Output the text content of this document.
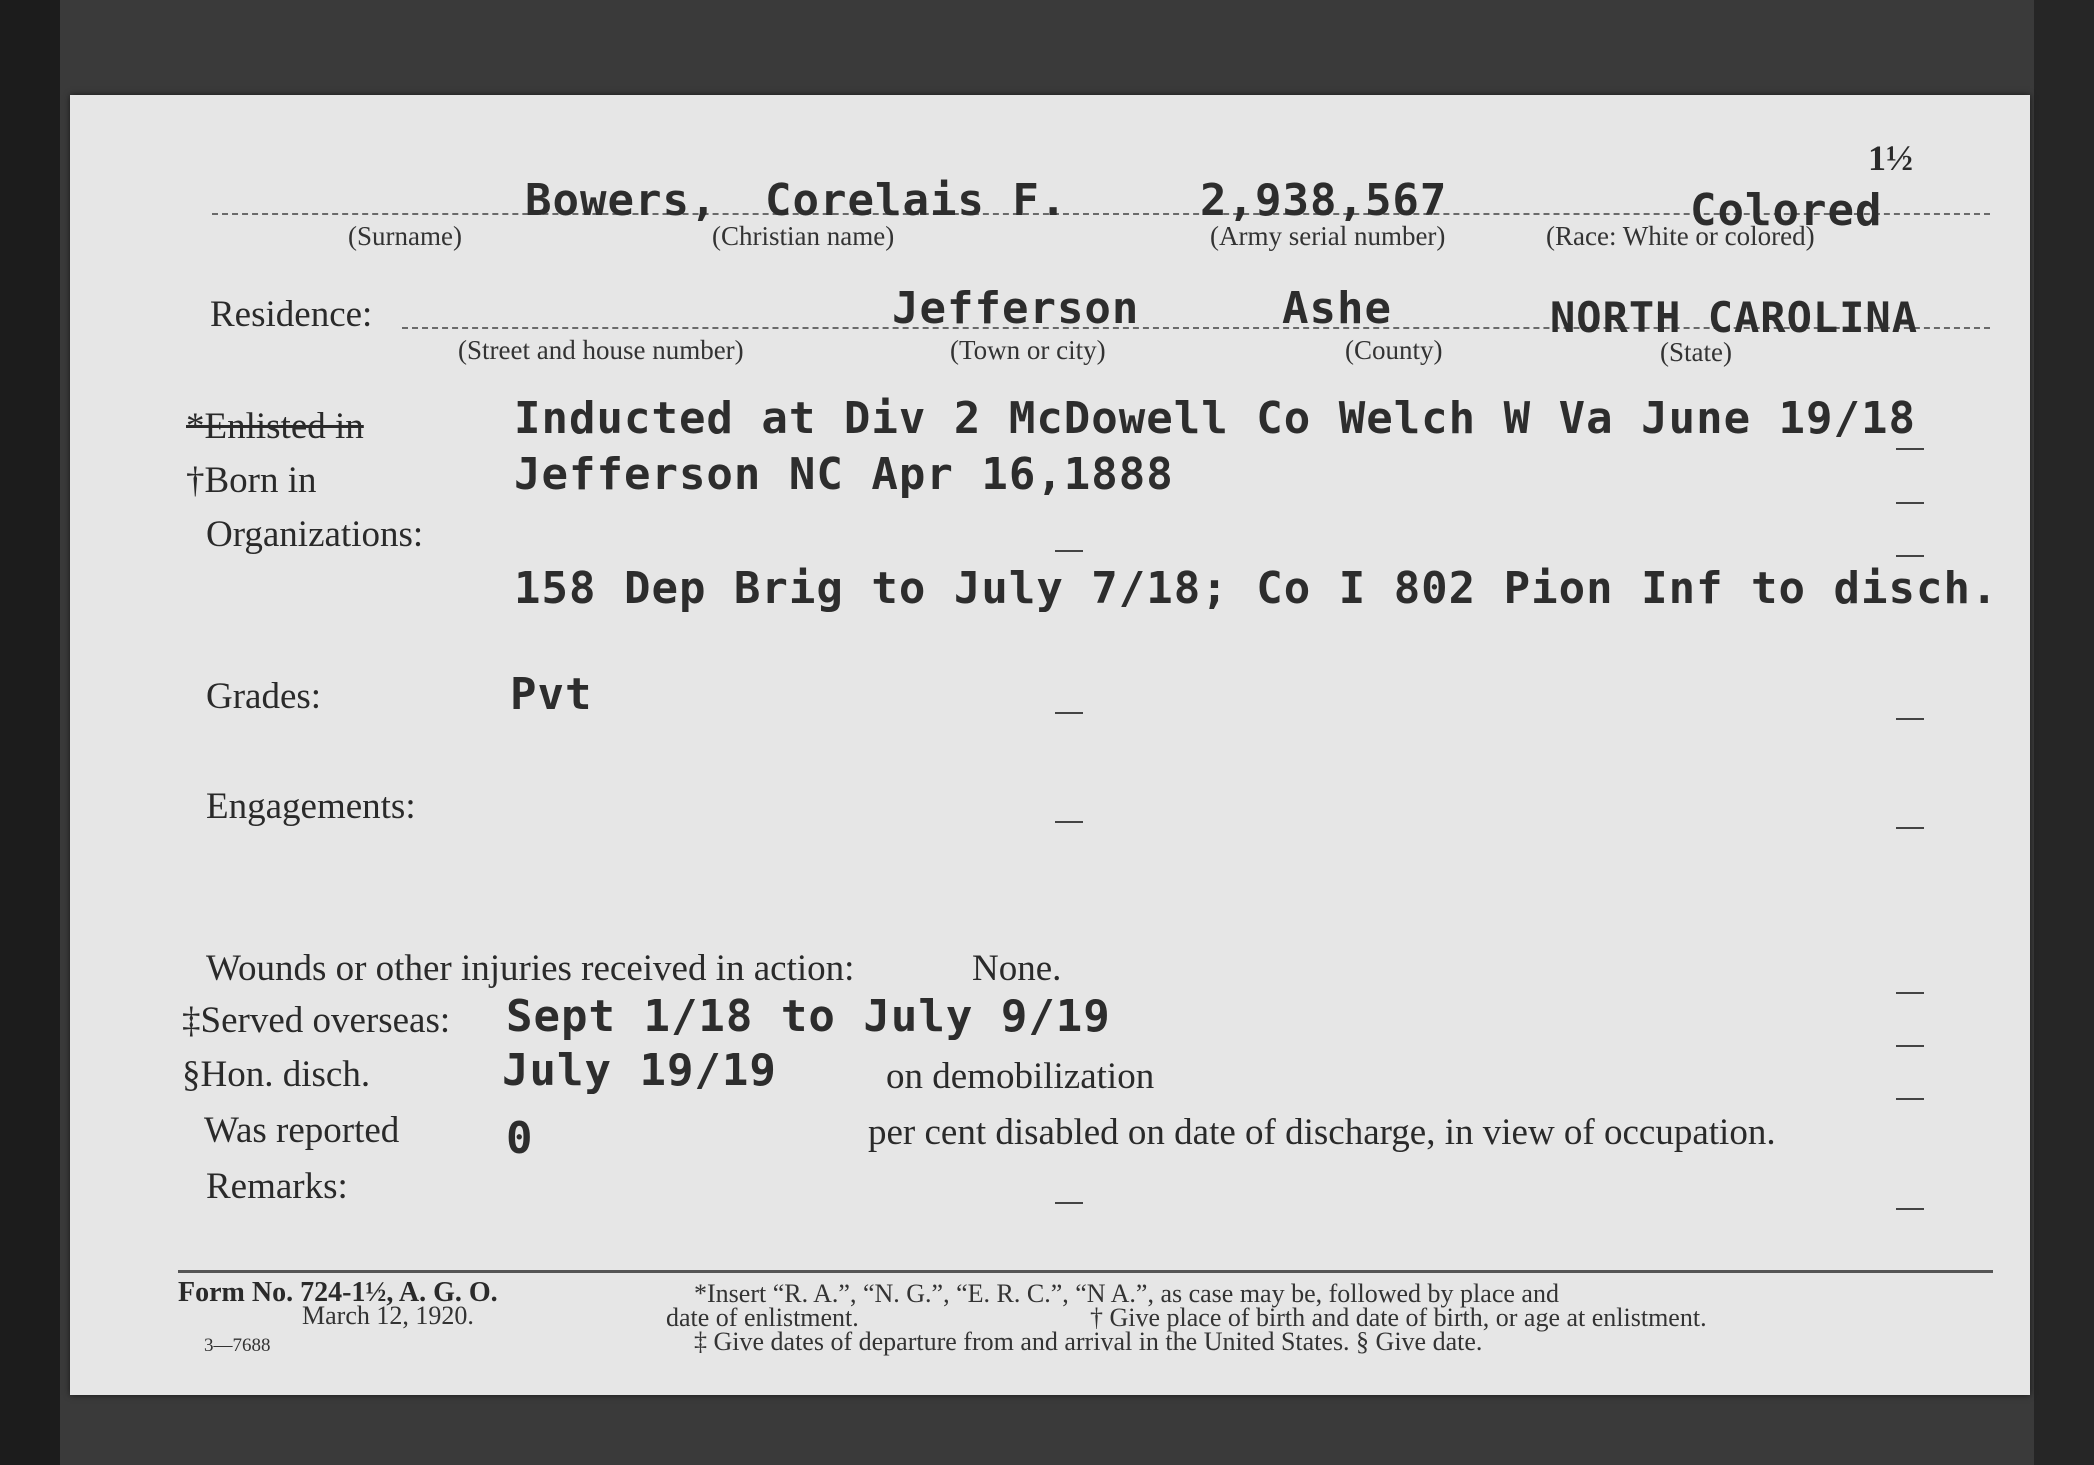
1½
Bowers, Corelais F.	2,938,567	Colored
(Surname)	(Christian name)	(Army serial number)	(Race: White or colored)
Residence:	Jefferson	Ashe	NORTH CAROLINA
(Street and house number)	(Town or city)	(County)	(State)
*Enlisted in	Inducted at Div 2 McDowell Co Welch W Va June 19/18
†Born in	Jefferson NC Apr 16,1888
Organizations:
158 Dep Brig to July 7/18; Co I 802 Pion Inf to disch.
Grades:	Pvt
Engagements:
Wounds or other injuries received in action:	None.
‡Served overseas: Sept 1/18 to July 9/19
§Hon. disch.	July 19/19	on demobilization
Was reported 0	per cent disabled on date of discharge, in view of occupation.
Remarks:
Form No. 724-1½, A. G. O.
March 12, 1920.
3—7688
*Insert “R. A.”, “N. G.”, “E. R. C.”, “N A.”, as case may be, followed by place and
date of enlistment.	† Give place of birth and date of birth, or age at enlistment.
‡ Give dates of departure from and arrival in the United States. § Give date.
